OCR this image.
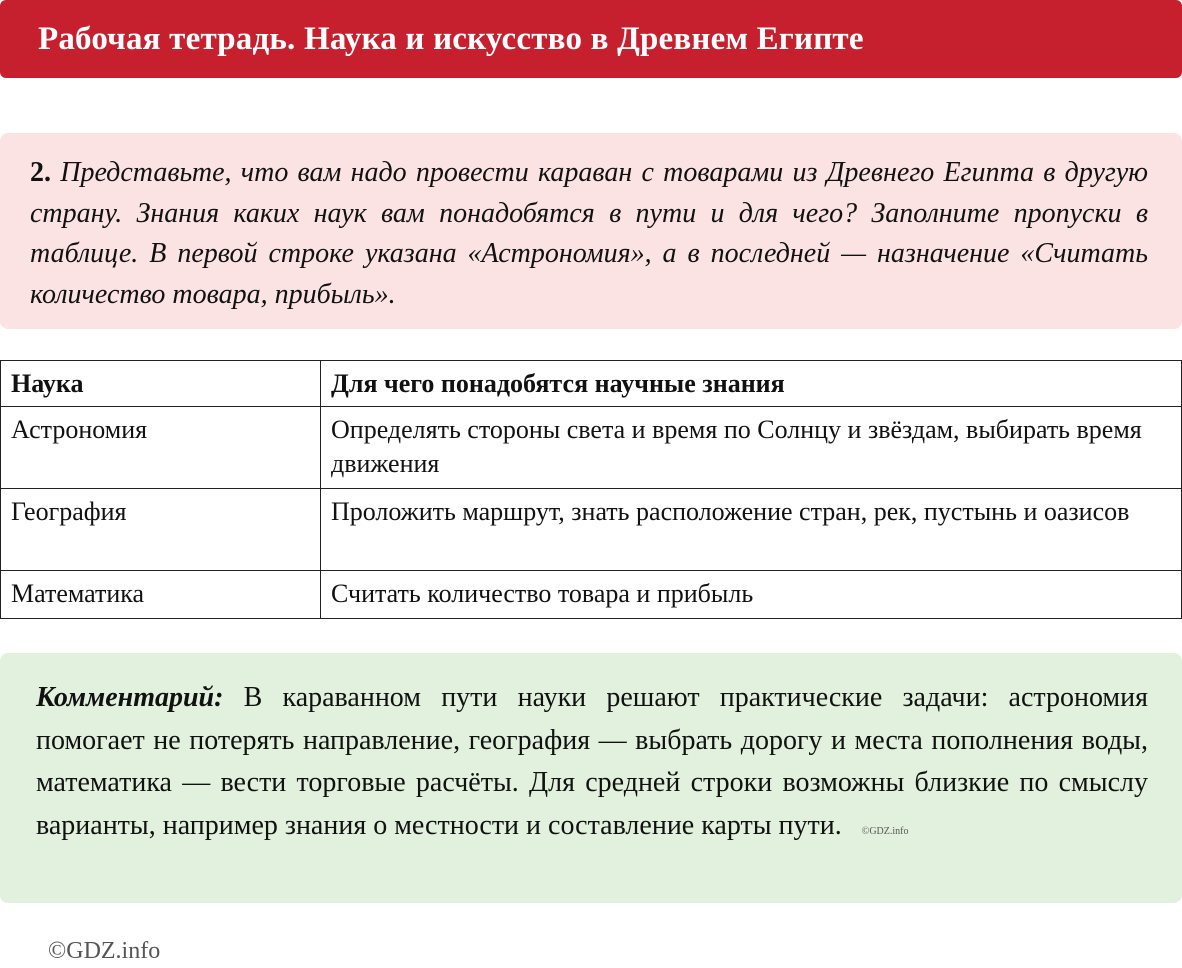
Рабочая тетрадь. Наука и искусство в Древнем Египте

2. Представьте, что вам надо провести караван с товарами из Древнего Египта в другую страну. Знания каких наук вам понадобятся в пути и для чего? Заполните пропуски в таблице. В первой строке указана «Астрономия», а в последней — назначение «Считать количество товара, прибыль».

Наука	Для чего понадобятся научные знания
Астрономия	Определять стороны света и время по Солнцу и звёздам, выбирать время движения
География	Проложить маршрут, знать расположение стран, рек, пустынь и оазисов
Математика	Считать количество товара и прибыль

Комментарий: В караванном пути науки решают практические задачи: астрономия помогает не потерять направление, география — выбрать дорогу и места пополнения воды, математика — вести торговые расчёты. Для средней строки возможны близкие по смыслу варианты, например знания о местности и составление карты пути. ©GDZ.info

©GDZ.info
